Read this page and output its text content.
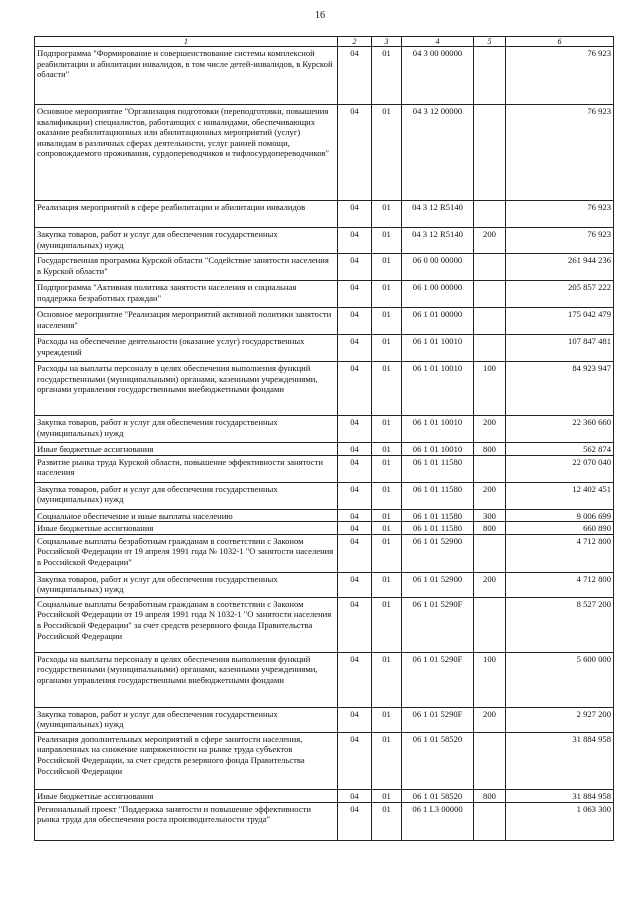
16
1	2	3	4	5	6
Подпрограмма "Формирование и совершенствование системы комплексной реабилитации и абилитации инвалидов, в том числе детей-инвалидов, в Курской области"	04	01	04 3 00 00000		76 923
Основное мероприятие "Организация подготовки (переподготовки, повышения квалификации) специалистов, работающих с инвалидами, обеспечивающих оказание реабилитационных или абилитационных мероприятий (услуг) инвалидам в различных сферах деятельности, услуг ранней помощи, сопровождаемого проживания, сурдопереводчиков и тифлосурдопереводчиков"	04	01	04 3 12 00000		76 923
Реализация мероприятий в сфере реабилитации и абилитации инвалидов	04	01	04 3 12 R5140		76 923
Закупка товаров, работ и услуг для обеспечения государственных (муниципальных) нужд	04	01	04 3 12 R5140	200	76 923
Государственная программа Курской области "Содействие занятости населения в Курской области"	04	01	06 0 00 00000		261 944 236
Подпрограмма "Активная политика занятости населения и социальная поддержка безработных граждан"	04	01	06 1 00 00000		205 857 222
Основное мероприятие "Реализация мероприятий активной политики занятости населения"	04	01	06 1 01 00000		175 042 479
Расходы на обеспечение деятельности (оказание услуг) государственных учреждений	04	01	06 1 01 10010		107 847 481
Расходы на выплаты персоналу в целях обеспечения выполнения функций государственными (муниципальными) органами, казенными учреждениями, органами управления государственными внебюджетными фондами	04	01	06 1 01 10010	100	84 923 947
Закупка товаров, работ и услуг для обеспечения государственных (муниципальных) нужд	04	01	06 1 01 10010	200	22 360 660
Иные бюджетные ассигнования	04	01	06 1 01 10010	800	562 874
Развитие рынка труда Курской области, повышение эффективности занятости населения	04	01	06 1 01 11580		22 070 040
Закупка товаров, работ и услуг для обеспечения государственных (муниципальных) нужд	04	01	06 1 01 11580	200	12 402 451
Социальное обеспечение и иные выплаты населению	04	01	06 1 01 11580	300	9 006 699
Иные бюджетные ассигнования	04	01	06 1 01 11580	800	660 890
Социальные выплаты безработным гражданам в соответствии с Законом Российской Федерации от 19 апреля 1991 года № 1032-1 "О занятости населения в Российской Федерации"	04	01	06 1 01 52900		4 712 800
Закупка товаров, работ и услуг для обеспечения государственных (муниципальных) нужд	04	01	06 1 01 52900	200	4 712 800
Социальные выплаты безработным гражданам в соответствии с Законом Российской Федерации от 19 апреля 1991 года N 1032-1 "О занятости населения в Российской Федерации" за счет средств резервного фонда Правительства Российской Федерации	04	01	06 1 01 5290F		8 527 200
Расходы на выплаты персоналу в целях обеспечения выполнения функций государственными (муниципальными) органами, казенными учреждениями, органами управления государственными внебюджетными фондами	04	01	06 1 01 5290F	100	5 600 000
Закупка товаров, работ и услуг для обеспечения государственных (муниципальных) нужд	04	01	06 1 01 5290F	200	2 927 200
Реализация дополнительных мероприятий в сфере занятости населения, направленных на снижение напряженности на рынке труда субъектов Российской Федерации, за счет средств резервного фонда Правительства Российской Федерации	04	01	06 1 01 58520		31 884 958
Иные бюджетные ассигнования	04	01	06 1 01 58520	800	31 884 958
Региональный проект "Поддержка занятости и повышение эффективности рынка труда для обеспечения роста производительности труда"	04	01	06 1 L3 00000		1 063 300
